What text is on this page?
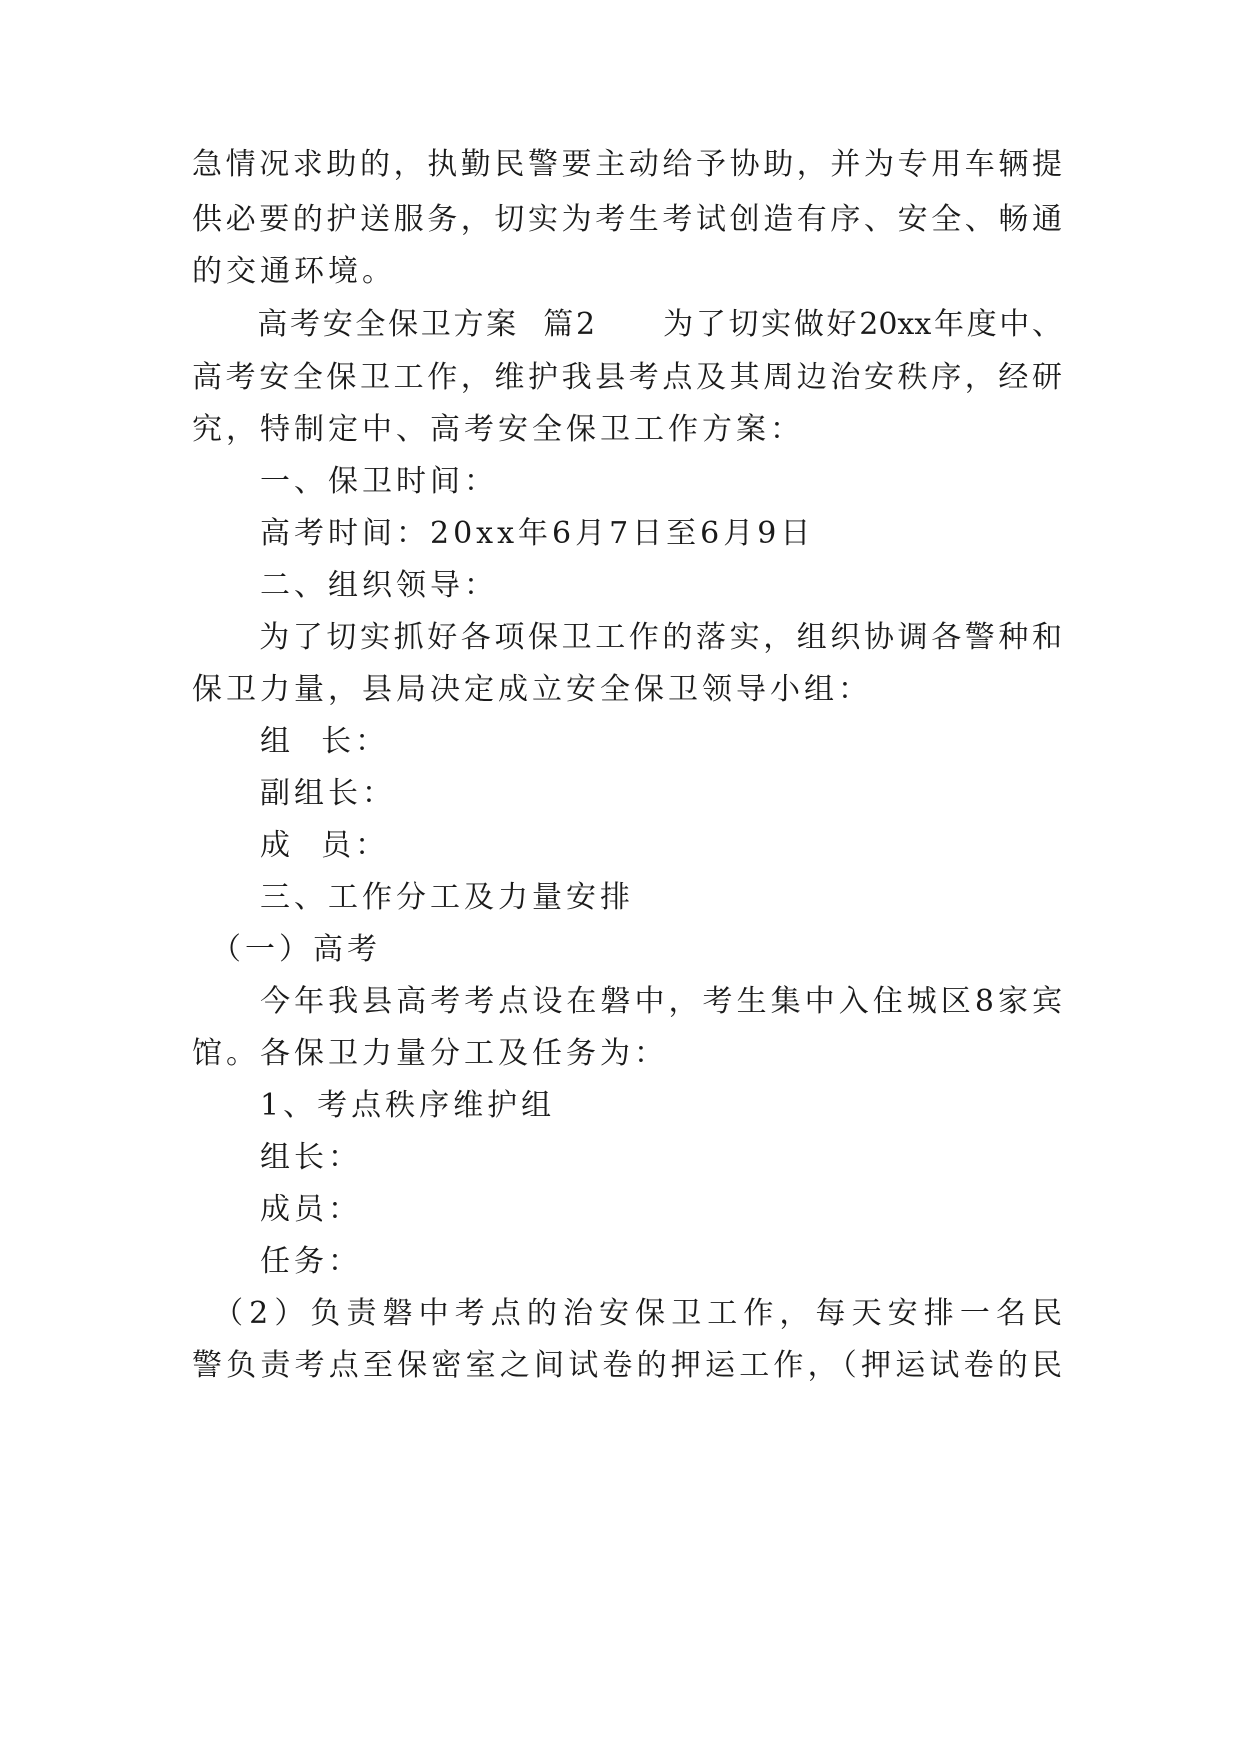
急情况求助的，执勤民警要主动给予协助，并为专用车辆提
供必要的护送服务，切实为考生考试创造有序、安全、畅通
的交通环境。
　　高考安全保卫方案  篇2　　为了切实做好20xx年度中、
高考安全保卫工作，维护我县考点及其周边治安秩序，经研
究，特制定中、高考安全保卫工作方案：
　　一、保卫时间：
　　高考时间：20xx年6月7日至6月9日
　　二、组织领导：
　　为了切实抓好各项保卫工作的落实，组织协调各警种和
保卫力量，县局决定成立安全保卫领导小组：
　　组  长：
　　副组长：
　　成  员：
　　三、工作分工及力量安排
　（一）高考
　　今年我县高考考点设在磐中，考生集中入住城区8家宾
馆。各保卫力量分工及任务为：
　　1、考点秩序维护组
　　组长：
　　成员：
　　任务：
　（2）负责磐中考点的治安保卫工作，每天安排一名民
警负责考点至保密室之间试卷的押运工作，（押运试卷的民
